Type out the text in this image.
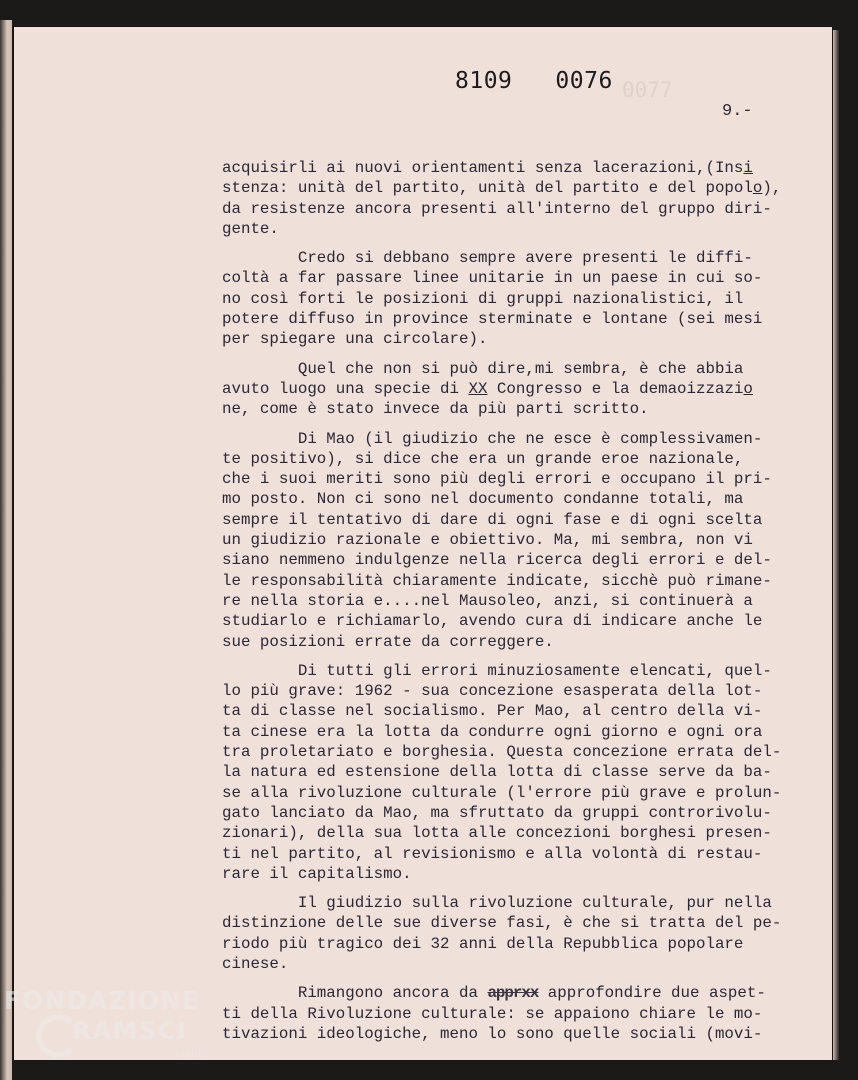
0077
8109   0076
9.-
acquisirli ai nuovi orientamenti senza lacerazioni,(Insi
stenza: unità del partito, unità del partito e del popolo),
da resistenze ancora presenti all'interno del gruppo diri-
gente.
Credo si debbano sempre avere presenti le diffi-
coltà a far passare linee unitarie in un paese in cui so-
no così forti le posizioni di gruppi nazionalistici, il
potere diffuso in province sterminate e lontane (sei mesi
per spiegare una circolare).
Quel che non si può dire,mi sembra, è che abbia
avuto luogo una specie di XX Congresso e la demaoizzazio
ne, come è stato invece da più parti scritto.
Di Mao (il giudizio che ne esce è complessivamen-
te positivo), si dice che era un grande eroe nazionale,
che i suoi meriti sono più degli errori e occupano il pri-
mo posto. Non ci sono nel documento condanne totali, ma
sempre il tentativo di dare di ogni fase e di ogni scelta
un giudizio razionale e obiettivo. Ma, mi sembra, non vi
siano nemmeno indulgenze nella ricerca degli errori e del-
le responsabilità chiaramente indicate, sicchè può rimane-
re nella storia e....nel Mausoleo, anzi, si continuerà a
studiarlo e richiamarlo, avendo cura di indicare anche le
sue posizioni errate da correggere.
Di tutti gli errori minuziosamente elencati, quel-
lo più grave: 1962 - sua concezione esasperata della lot-
ta di classe nel socialismo. Per Mao, al centro della vi-
ta cinese era la lotta da condurre ogni giorno e ogni ora
tra proletariato e borghesia. Questa concezione errata del-
la natura ed estensione della lotta di classe serve da ba-
se alla rivoluzione culturale (l'errore più grave e prolun-
gato lanciato da Mao, ma sfruttato da gruppi controrivolu-
zionari), della sua lotta alle concezioni borghesi presen-
ti nel partito, al revisionismo e alla volontà di restau-
rare il capitalismo.
Il giudizio sulla rivoluzione culturale, pur nella
distinzione delle sue diverse fasi, è che si tratta del pe-
riodo più tragico dei 32 anni della Repubblica popolare
cinese.
Rimangono ancora da apprxx approfondire due aspet-
ti della Rivoluzione culturale: se appaiono chiare le mo-
tivazioni ideologiche, meno lo sono quelle sociali (movi-
FONDAZIONE
RAMSCI
onlus
